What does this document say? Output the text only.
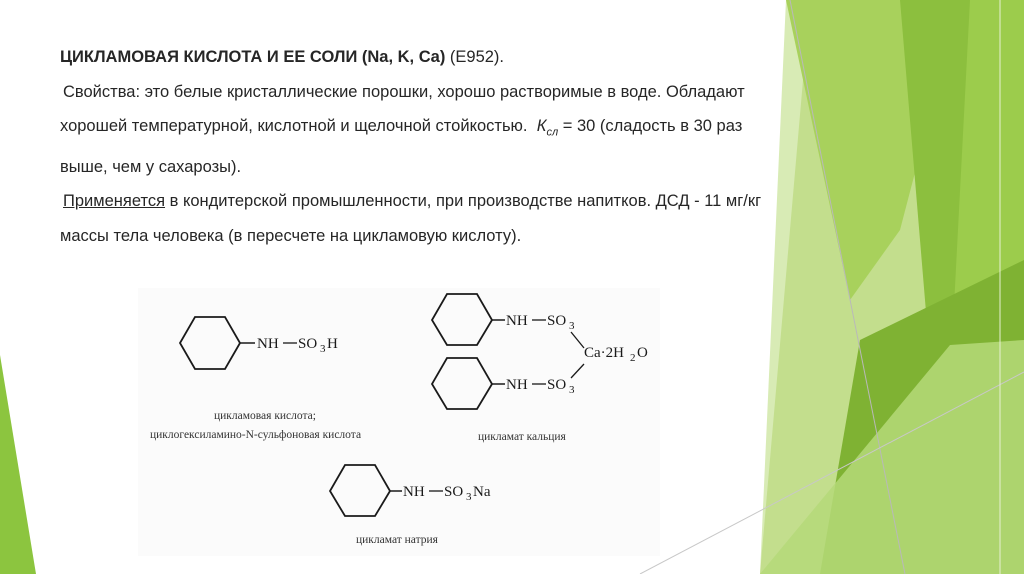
ЦИКЛАМОВАЯ КИСЛОТА И ЕЕ СОЛИ (Na, K, Ca) (Е952).

Свойства: это белые кристаллические порошки, хорошо растворимые в воде. Обладают

хорошей температурной, кислотной и щелочной стойкостью. $К_{сл} = 30$ (сладость в 30 раз

выше, чем у сахарозы).

Применяется в кондитерской промышленности, при производстве напитков. ДСД - 11 мг/кг

массы тела человека (в пересчете на цикламовую кислоту).

NH SO 3 H
цикламовая кислота;
циклогексиламино-N-сульфоновая кислота
NH SO 3
Ca·2H 2 O
NH SO 3
цикламат кальция
NH SO 3 Na
цикламат натрия
